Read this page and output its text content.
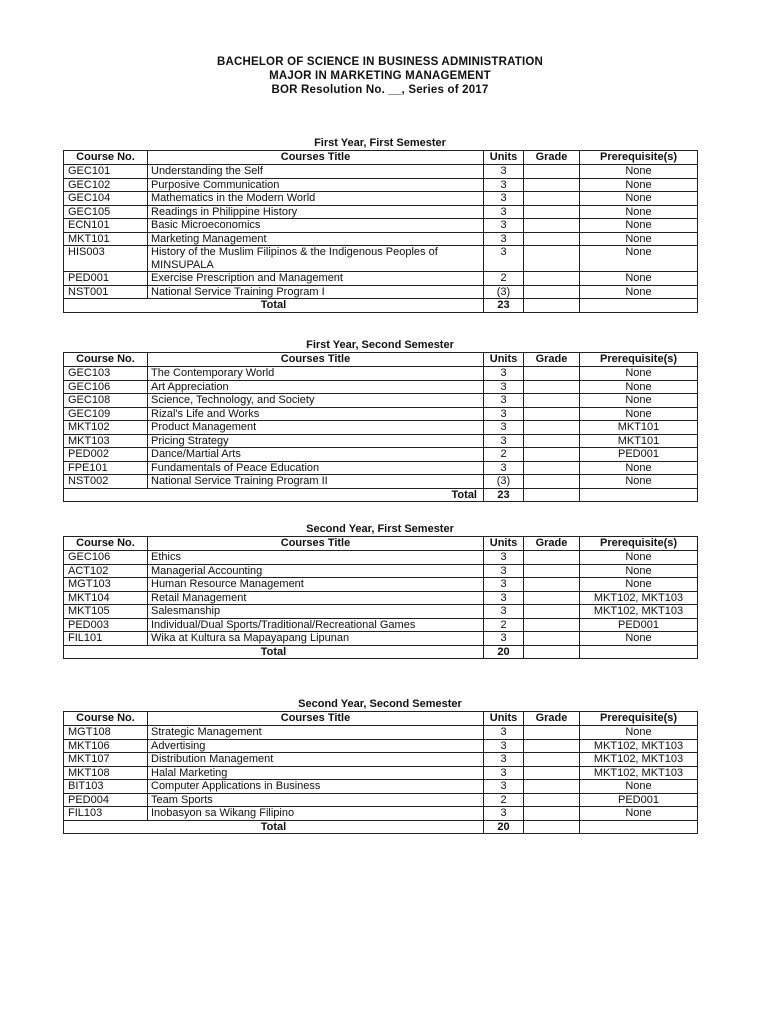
BACHELOR OF SCIENCE IN BUSINESS ADMINISTRATION
MAJOR IN MARKETING MANAGEMENT
BOR Resolution No. __, Series of 2017
First Year, First Semester
Course No.	Courses Title	Units	Grade	Prerequisite(s)
GEC101	Understanding the Self	3		None
GEC102	Purposive Communication	3		None
GEC104	Mathematics in the Modern World	3		None
GEC105	Readings in Philippine History	3		None
ECN101	Basic Microeconomics	3		None
MKT101	Marketing Management	3		None
HIS003	History of the Muslim Filipinos & the Indigenous Peoples of MINSUPALA	3		None
PED001	Exercise Prescription and Management	2		None
NST001	National Service Training Program I	(3)		None
Total		23		
First Year, Second Semester
Course No.	Courses Title	Units	Grade	Prerequisite(s)
GEC103	The Contemporary World	3		None
GEC106	Art Appreciation	3		None
GEC108	Science, Technology, and Society	3		None
GEC109	Rizal's Life and Works	3		None
MKT102	Product Management	3		MKT101
MKT103	Pricing Strategy	3		MKT101
PED002	Dance/Martial Arts	2		PED001
FPE101	Fundamentals of Peace Education	3		None
NST002	National Service Training Program II	(3)		None
Total		23		
Second Year, First Semester
Course No.	Courses Title	Units	Grade	Prerequisite(s)
GEC106	Ethics	3		None
ACT102	Managerial Accounting	3		None
MGT103	Human Resource Management	3		None
MKT104	Retail Management	3		MKT102, MKT103
MKT105	Salesmanship	3		MKT102, MKT103
PED003	Individual/Dual Sports/Traditional/Recreational Games	2		PED001
FIL101	Wika at Kultura sa Mapayapang Lipunan	3		None
Total		20		
Second Year, Second Semester
Course No.	Courses Title	Units	Grade	Prerequisite(s)
MGT108	Strategic Management	3		None
MKT106	Advertising	3		MKT102, MKT103
MKT107	Distribution Management	3		MKT102, MKT103
MKT108	Halal Marketing	3		MKT102, MKT103
BIT103	Computer Applications in Business	3		None
PED004	Team Sports	2		PED001
FIL103	Inobasyon sa Wikang Filipino	3		None
Total		20		
